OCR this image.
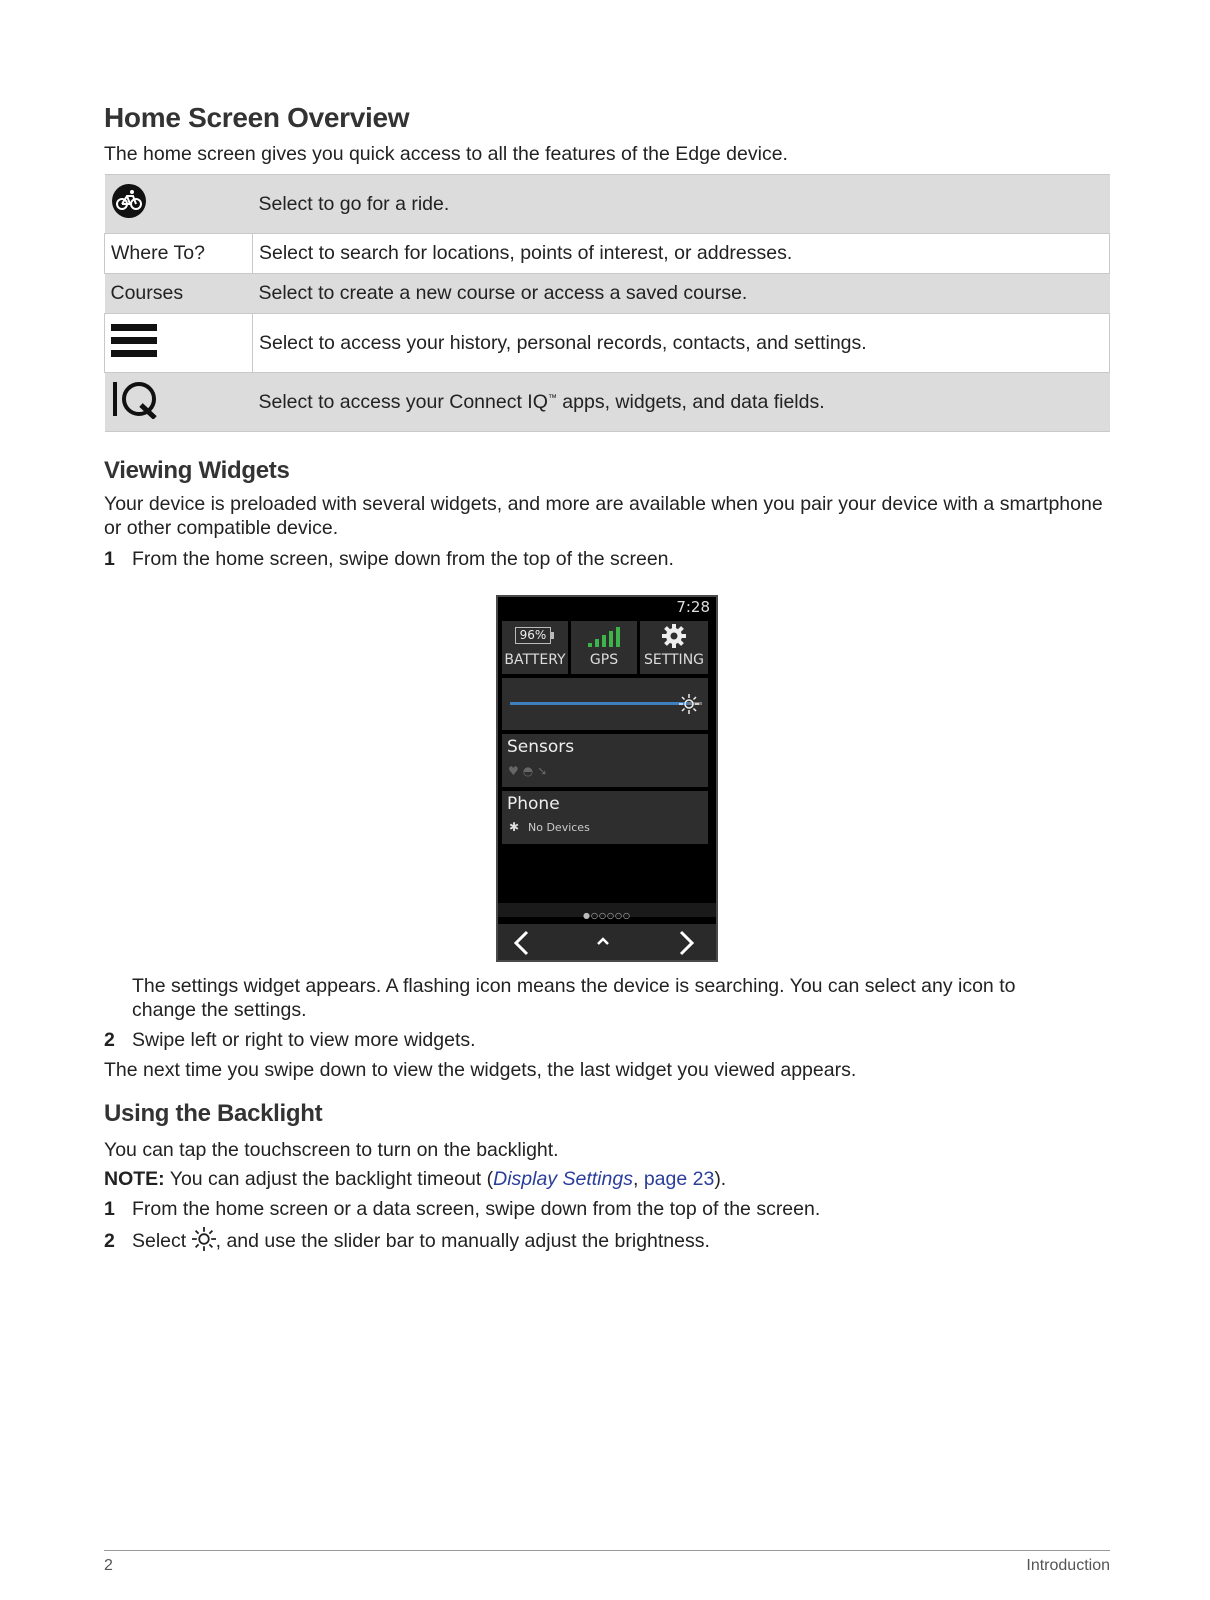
Home Screen Overview

The home screen gives you quick access to all the features of the Edge device.

	Select to go for a ride.
Where To?	Select to search for locations, points of interest, or addresses.
Courses	Select to create a new course or access a saved course.
	Select to access your history, personal records, contacts, and settings.
	Select to access your Connect IQ™ apps, widgets, and data fields.
Viewing Widgets

Your device is preloaded with several widgets, and more are available when you pair your device with a smartphone or other compatible device.

1 From the home screen, swipe down from the top of the screen.

7:28
96%
BATTERY	GPS	SETTING
Sensors
♥◓➘
Phone
✱ No Devices
●○○○○○

The settings widget appears. A flashing icon means the device is searching. You can select any icon to change the settings.

2 Swipe left or right to view more widgets.

The next time you swipe down to view the widgets, the last widget you viewed appears.

Using the Backlight

You can tap the touchscreen to turn on the backlight.

NOTE: You can adjust the backlight timeout (Display Settings, page 23).

1 From the home screen or a data screen, swipe down from the top of the screen.

2 Select , and use the slider bar to manually adjust the brightness.

2	Introduction
